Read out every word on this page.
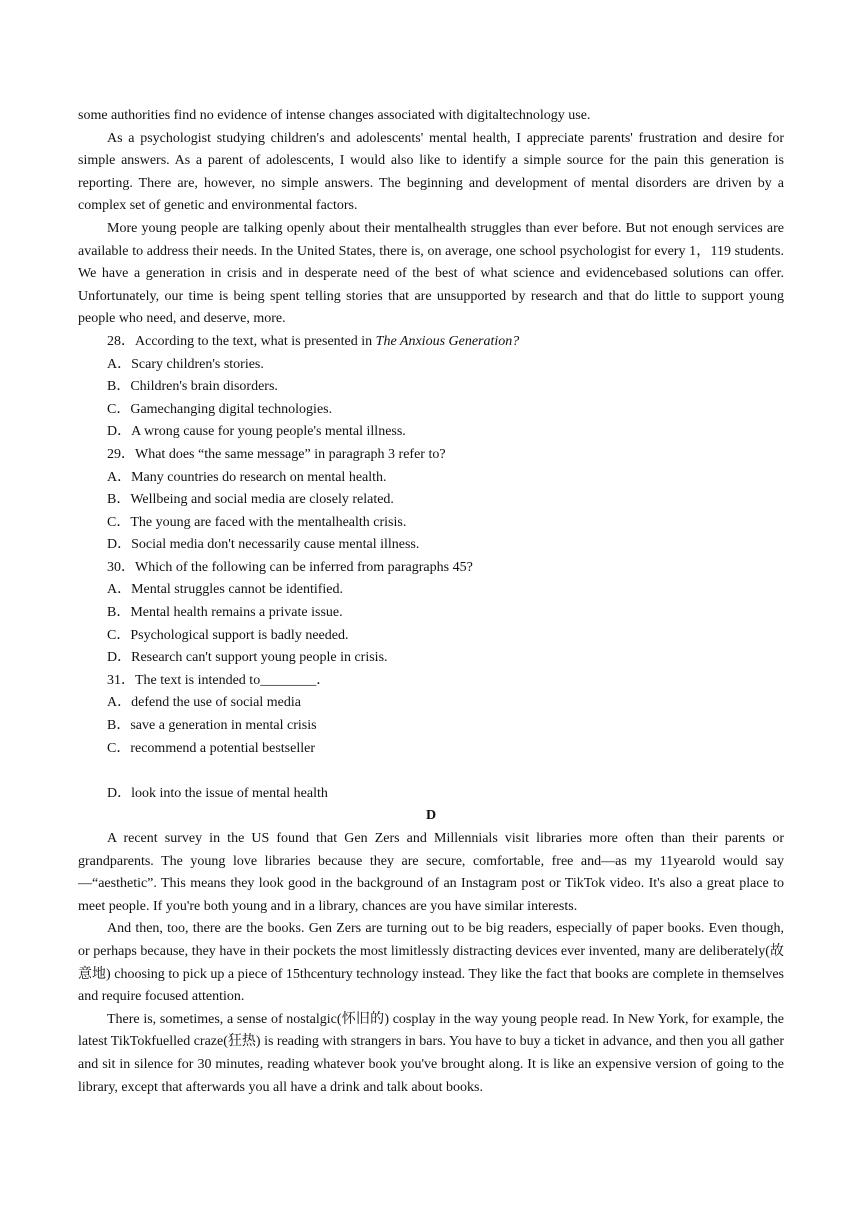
some authorities find no evidence of intense changes associated with digitaltechnology use.

As a psychologist studying children's and adolescents' mental health, I appreciate parents' frustration and desire for simple answers. As a parent of adolescents, I would also like to identify a simple source for the pain this generation is reporting. There are, however, no simple answers. The beginning and development of mental disorders are driven by a complex set of genetic and environmental factors.

More young people are talking openly about their mentalhealth struggles than ever before. But not enough services are available to address their needs. In the United States, there is, on average, one school psychologist for every 1，119 students. We have a generation in crisis and in desperate need of the best of what science and evidencebased solutions can offer. Unfortunately, our time is being spent telling stories that are unsupported by research and that do little to support young people who need, and deserve, more.

28．According to the text, what is presented in The Anxious Generation?

A．Scary children's stories.

B．Children's brain disorders.

C．Gamechanging digital technologies.

D．A wrong cause for young people's mental illness.

29．What does “the same message” in paragraph 3 refer to?

A．Many countries do research on mental health.

B．Wellbeing and social media are closely related.

C．The young are faced with the mentalhealth crisis.

D．Social media don't necessarily cause mental illness.

30．Which of the following can be inferred from paragraphs 45?

A．Mental struggles cannot be identified.

B．Mental health remains a private issue.

C．Psychological support is badly needed.

D．Research can't support young people in crisis.

31．The text is intended to________．

A．defend the use of social media

B．save a generation in mental crisis

C．recommend a potential bestseller

D．look into the issue of mental health

D

A recent survey in the US found that Gen Zers and Millennials visit libraries more often than their parents or grandparents. The young love libraries because they are secure, comfortable, free and—as my 11yearold would say—“aesthetic”. This means they look good in the background of an Instagram post or TikTok video. It's also a great place to meet people. If you're both young and in a library, chances are you have similar interests.

And then, too, there are the books. Gen Zers are turning out to be big readers, especially of paper books. Even though, or perhaps because, they have in their pockets the most limitlessly distracting devices ever invented, many are deliberately(故意地) choosing to pick up a piece of 15thcentury technology instead. They like the fact that books are complete in themselves and require focused attention.

There is, sometimes, a sense of nostalgic(怀旧的) cosplay in the way young people read. In New York, for example, the latest TikTokfuelled craze(狂热) is reading with strangers in bars. You have to buy a ticket in advance, and then you all gather and sit in silence for 30 minutes, reading whatever book you've brought along. It is like an expensive version of going to the library, except that afterwards you all have a drink and talk about books.
